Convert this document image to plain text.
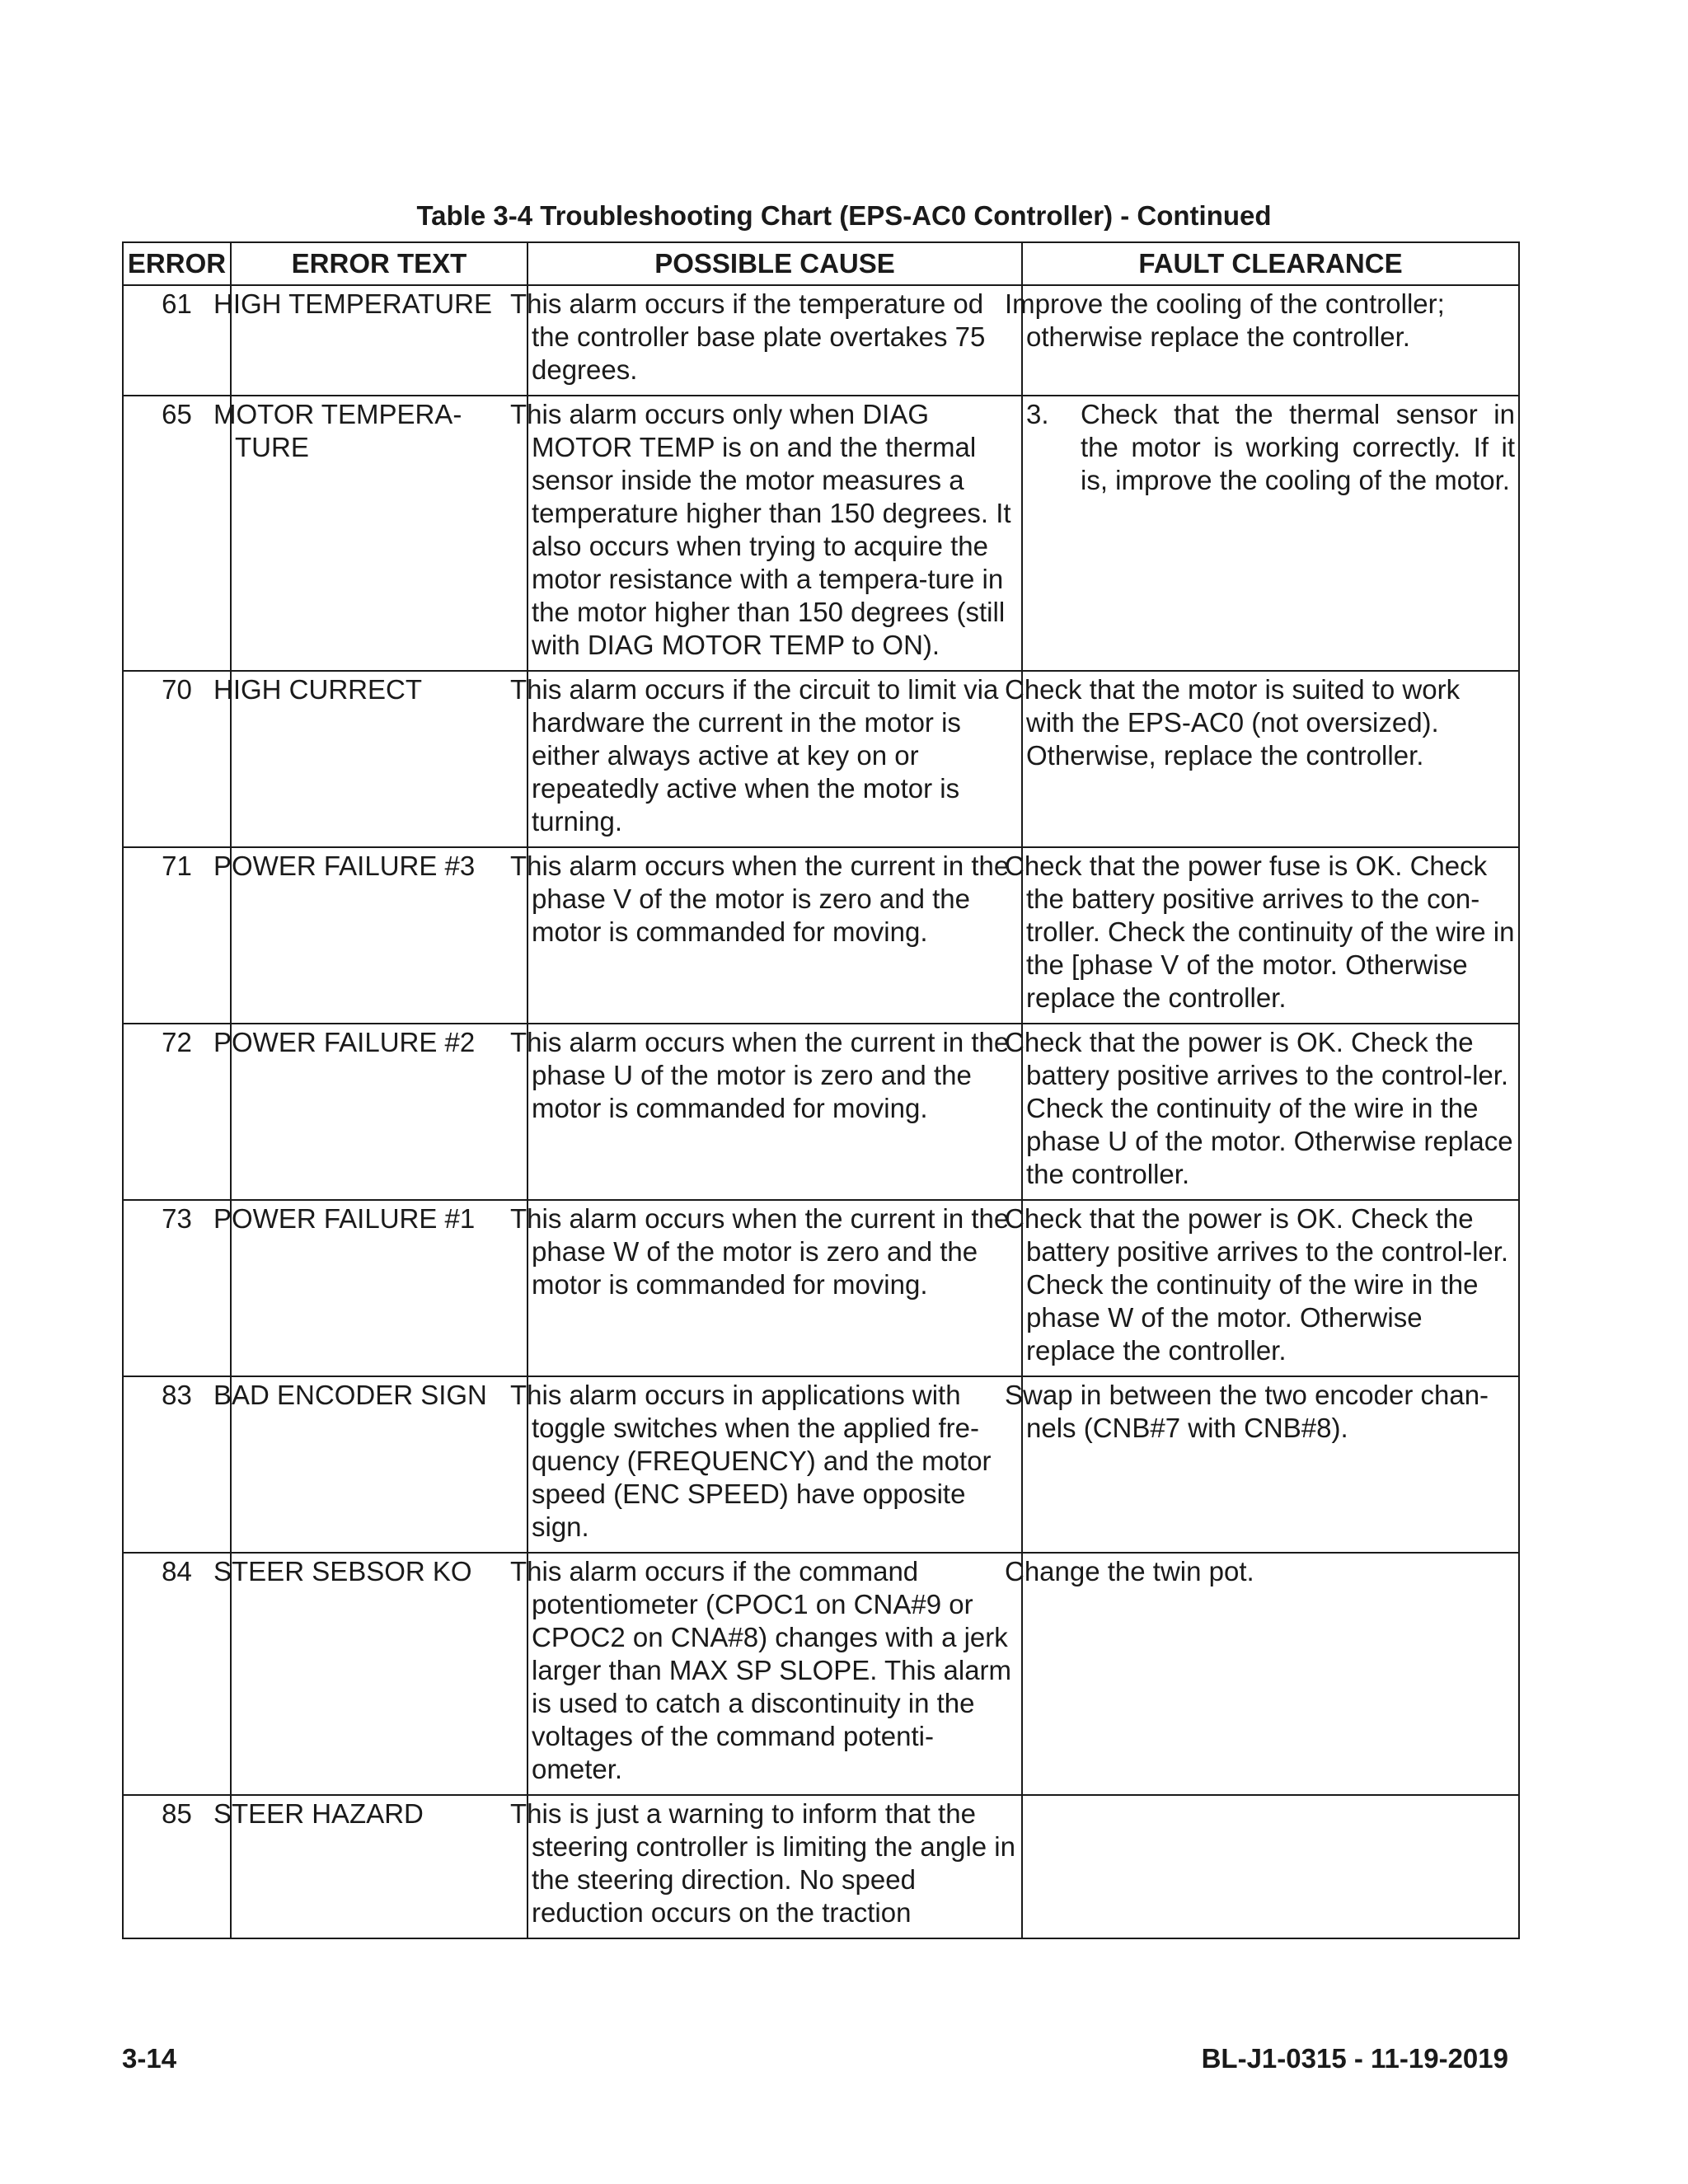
Table 3-4 Troubleshooting Chart (EPS-AC0 Controller) - Continued
ERROR	ERROR TEXT	POSSIBLE CAUSE	FAULT CLEARANCE
61	HIGH TEMPERATURE	This alarm occurs if the temperature od the controller base plate overtakes 75 degrees.	Improve the cooling of the controller; otherwise replace the controller.
65	MOTOR TEMPERA-TURE	This alarm occurs only when DIAG MOTOR TEMP is on and the thermal sensor inside the motor measures a temperature higher than 150 degrees. It also occurs when trying to acquire the motor resistance with a tempera-ture in the motor higher than 150 degrees (still with DIAG MOTOR TEMP to ON).	3. Check that the thermal sensor in the motor is working correctly. If it is, improve the cooling of the motor.

70	HIGH CURRECT	This alarm occurs if the circuit to limit via hardware the current in the motor is either always active at key on or repeatedly active when the motor is turning.	Check that the motor is suited to work with the EPS-AC0 (not oversized). Otherwise, replace the controller.
71	POWER FAILURE #3	This alarm occurs when the current in the phase V of the motor is zero and the motor is commanded for moving.	Check that the power fuse is OK. Check the battery positive arrives to the con-troller. Check the continuity of the wire in the [phase V of the motor. Otherwise replace the controller.
72	POWER FAILURE #2	This alarm occurs when the current in the phase U of the motor is zero and the motor is commanded for moving.	Check that the power is OK. Check the battery positive arrives to the control-ler. Check the continuity of the wire in the phase U of the motor. Otherwise replace the controller.
73	POWER FAILURE #1	This alarm occurs when the current in the phase W of the motor is zero and the motor is commanded for moving.	Check that the power is OK. Check the battery positive arrives to the control-ler. Check the continuity of the wire in the phase W of the motor. Otherwise replace the controller.
83	BAD ENCODER SIGN	This alarm occurs in applications with toggle switches when the applied fre-quency (FREQUENCY) and the motor speed (ENC SPEED) have opposite sign.	Swap in between the two encoder chan-nels (CNB#7 with CNB#8).
84	STEER SEBSOR KO	This alarm occurs if the command potentiometer (CPOC1 on CNA#9 or CPOC2 on CNA#8) changes with a jerk larger than MAX SP SLOPE. This alarm is used to catch a discontinuity in the voltages of the command potenti-ometer.	Change the twin pot.
85	STEER HAZARD	This is just a warning to inform that the steering controller is limiting the angle in the steering direction. No speed reduction occurs on the traction	
3-14	BL-J1-0315 - 11-19-2019
